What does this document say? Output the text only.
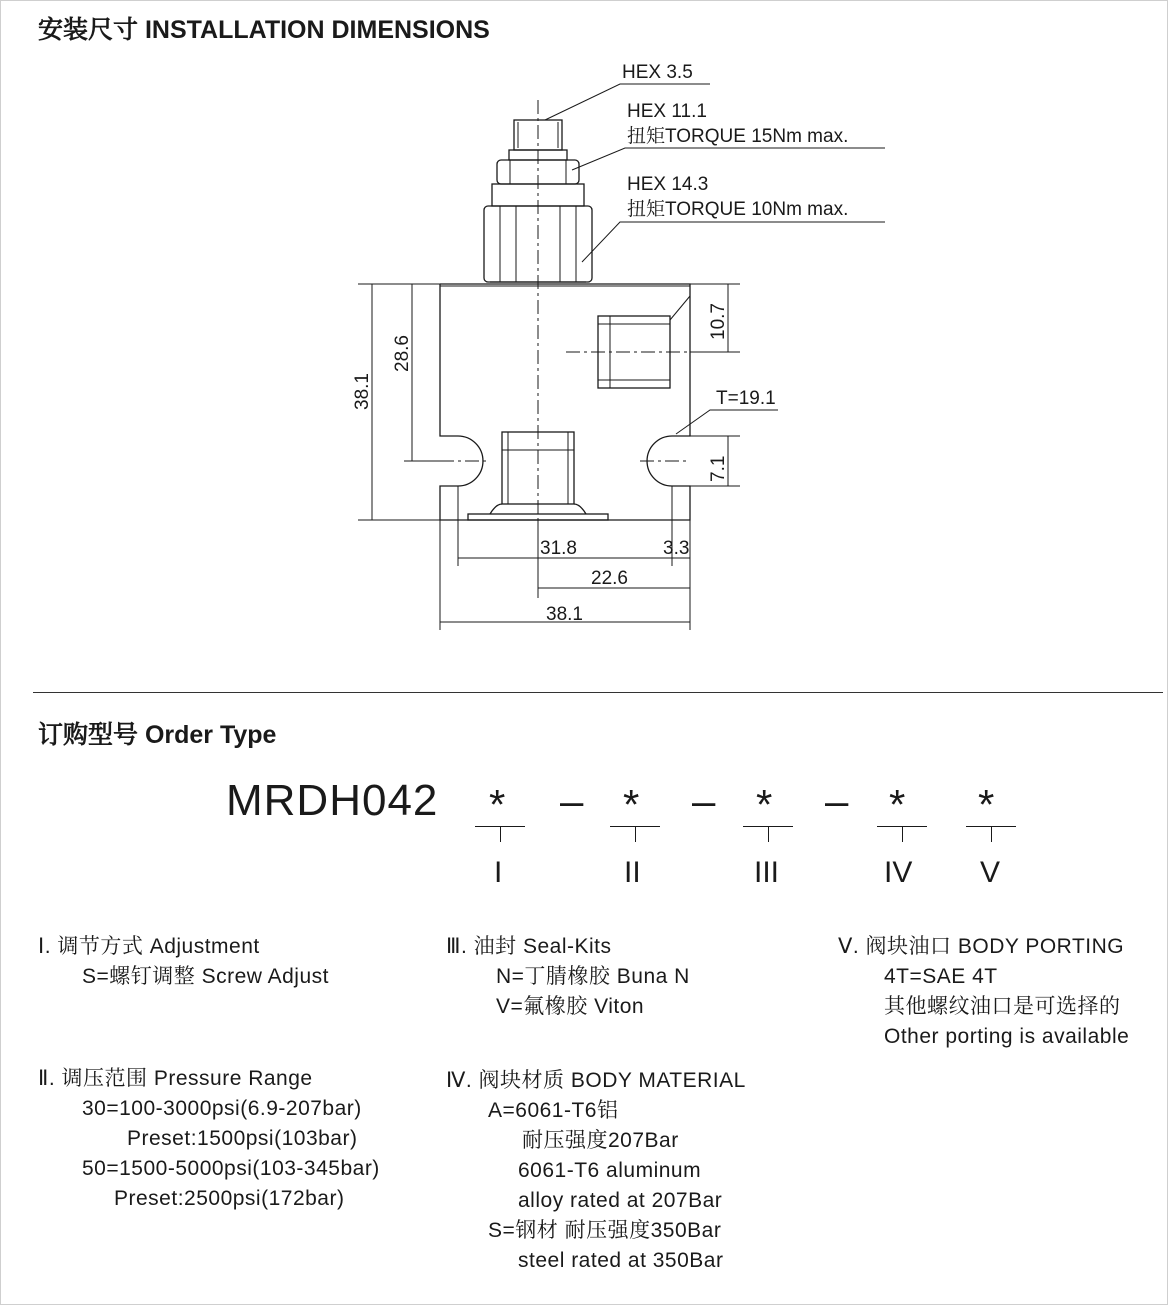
安装尺寸 INSTALLATION DIMENSIONS
HEX 3.5
HEX 11.1
扭矩TORQUE 15Nm max.
HEX 14.3
扭矩TORQUE 10Nm max.
38.1
28.6
10.7
T=19.1
7.1
31.8	3.3
22.6
38.1
订购型号 Order Type
MRDH042 * – * – * – * *
I	II	III	IV V
Ⅰ. 调节方式 Adjustment
S=螺钉调整 Screw Adjust
Ⅱ. 调压范围 Pressure Range
30=100-3000psi(6.9-207bar)
Preset:1500psi(103bar)
50=1500-5000psi(103-345bar)
Preset:2500psi(172bar)
Ⅲ. 油封 Seal-Kits
N=丁腈橡胶 Buna N
V=氟橡胶 Viton
Ⅳ. 阀块材质 BODY MATERIAL
A=6061-T6铝
耐压强度207Bar
6061-T6 aluminum
alloy rated at 207Bar
S=钢材 耐压强度350Bar
steel rated at 350Bar
Ⅴ. 阀块油口 BODY PORTING
4T=SAE 4T
其他螺纹油口是可选择的
Other porting is available
